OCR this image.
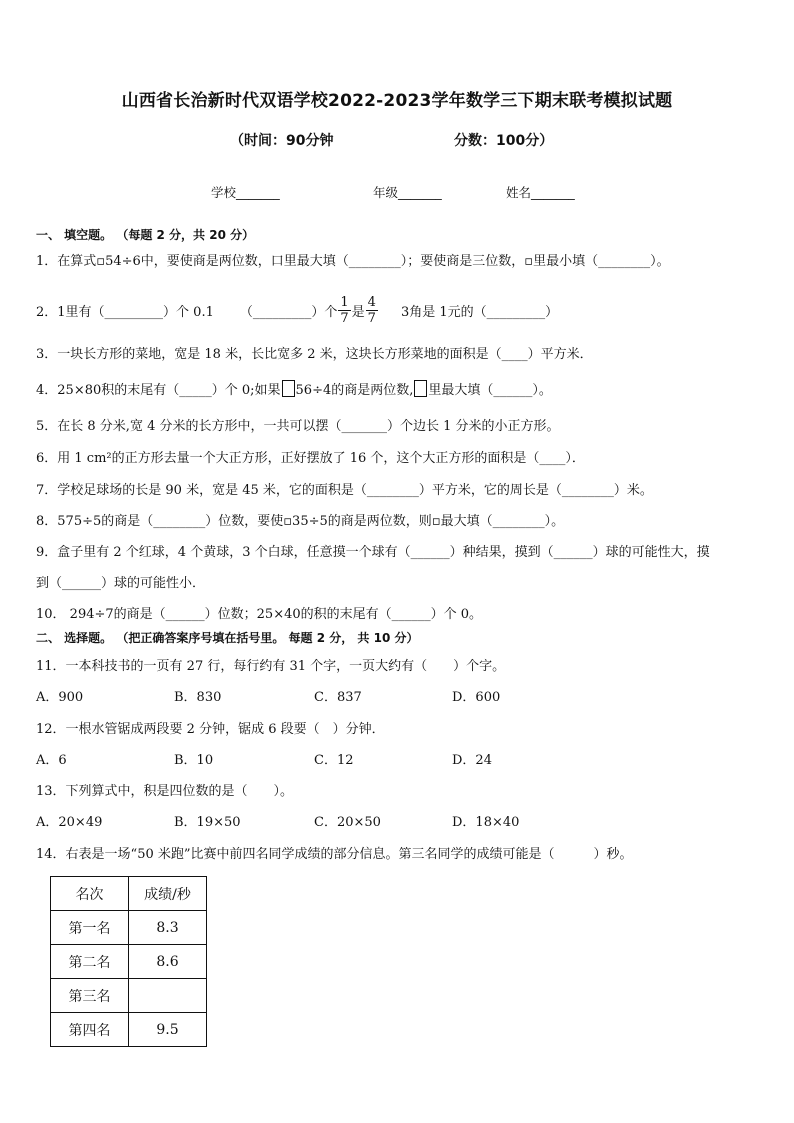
山西省长治新时代双语学校2022-2023学年数学三下期末联考模拟试题
（时间：90分钟	分数：100分）
学校_______	年级_______	姓名_______
一、 填空题。 （每题 2 分，共 20 分）
1．在算式▫54÷6中，要使商是两位数，口里最大填（________）；要使商是三位数，▫里最小填（________）。
2．1里有（_________）个 0.1 （_________）个 $\frac{1}{7}$ 是 $\frac{4}{7} 3$角是 1元的（_________）
3．一块长方形的菜地，宽是 18 米，长比宽多 2 米，这块长方形菜地的面积是（____）平方米．
4．25×80积的末尾有（_____）个 0;如果 56÷4的商是两位数, 里最大填（______）。
5．在长 8 分米,宽 4 分米的长方形中，一共可以摆（_______）个边长 1 分米的小正方形。
6．用 1 cm²的正方形去量一个大正方形，正好摆放了 16 个，这个大正方形的面积是（____）．
7．学校足球场的长是 90 米，宽是 45 米，它的面积是（________）平方米，它的周长是（________）米。
8．575÷5的商是（________）位数，要使▫35÷5的商是两位数，则▫最大填（________）。
9．盒子里有 2 个红球，4 个黄球，3 个白球，任意摸一个球有（______）种结果，摸到（______）球的可能性大，摸
到（______）球的可能性小．
10． 294÷7的商是（______）位数；25×40的积的末尾有（______）个 0。
二、 选择题。 （把正确答案序号填在括号里。 每题 2 分， 共 10 分）
11．一本科技书的一页有 27 行，每行约有 31 个字，一页大约有（　　）个字。
A．900	B．830	C．837	D．600
12．一根水管锯成两段要 2 分钟，锯成 6 段要（　）分钟．
A．6	B．10	C．12	D．24
13．下列算式中，积是四位数的是（　　）。
A．20×49	B．19×50	C．20×50	D．18×40
14．右表是一场“50 米跑”比赛中前四名同学成绩的部分信息。第三名同学的成绩可能是（　　　）秒。
名次	成绩/秒
第一名	8.3
第二名	8.6
第三名	
第四名	9.5
